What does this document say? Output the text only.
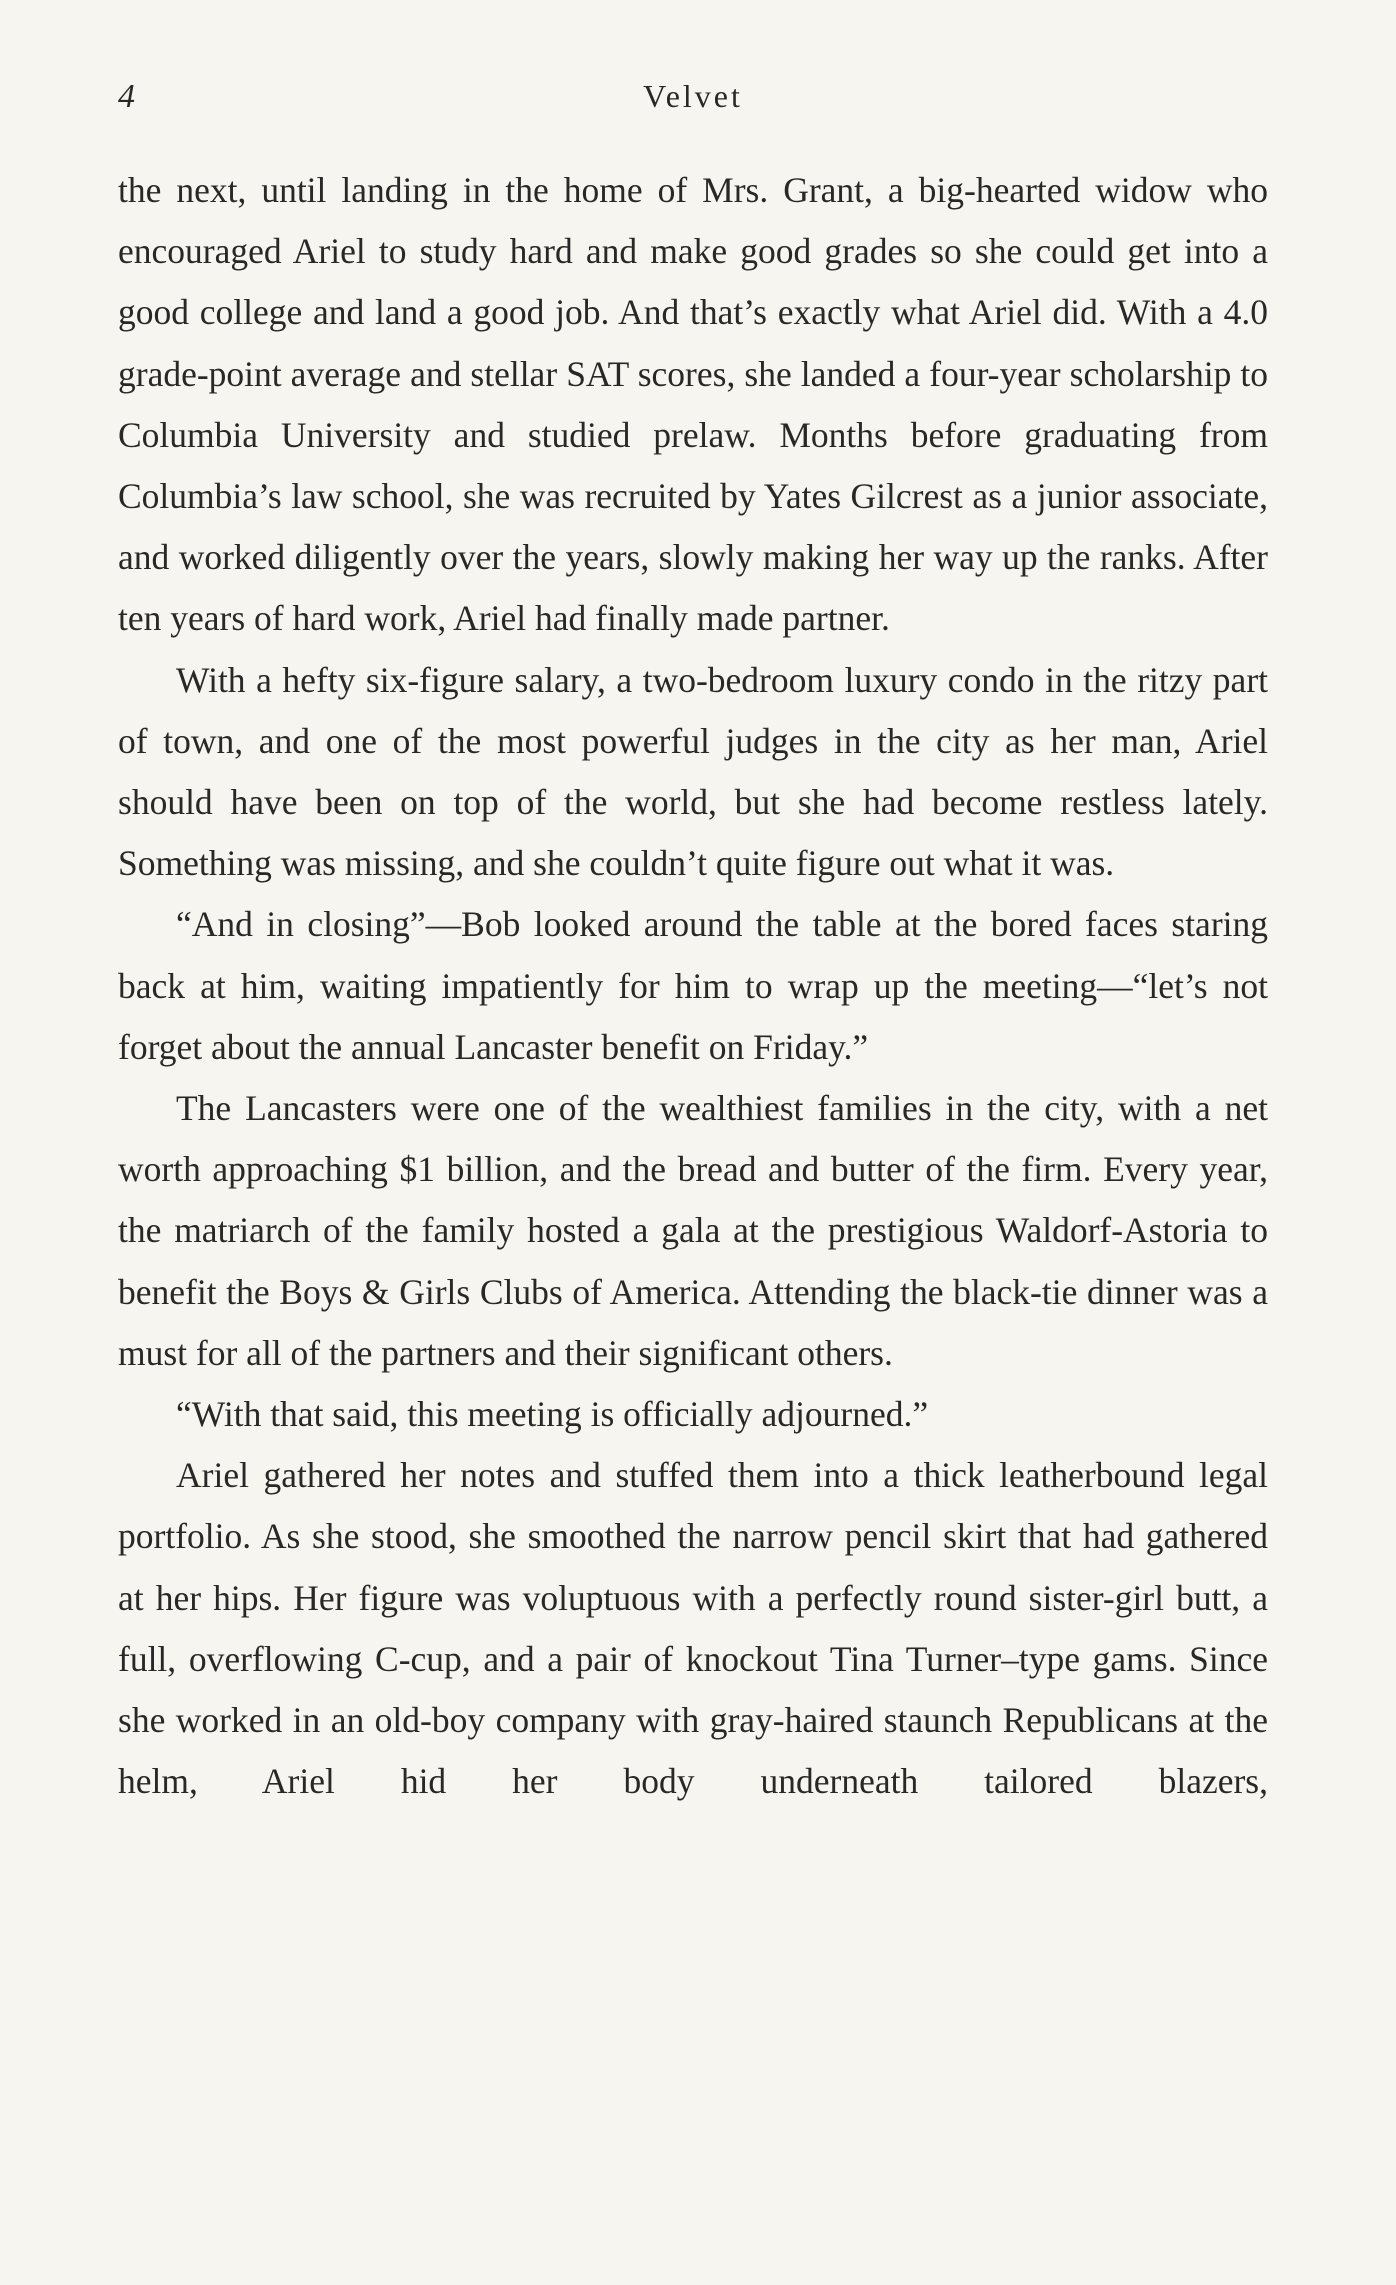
4	Velvet

the next, until landing in the home of Mrs. Grant, a big-hearted widow who encouraged Ariel to study hard and make good grades so she could get into a good college and land a good job. And that’s exactly what Ariel did. With a 4.0 grade-point average and stellar SAT scores, she landed a four-year scholarship to Columbia University and studied prelaw. Months before graduating from Columbia’s law school, she was recruited by Yates Gilcrest as a junior associate, and worked diligently over the years, slowly making her way up the ranks. After ten years of hard work, Ariel had finally made partner.

With a hefty six-figure salary, a two-bedroom luxury condo in the ritzy part of town, and one of the most powerful judges in the city as her man, Ariel should have been on top of the world, but she had become restless lately. Something was missing, and she couldn’t quite figure out what it was.

“And in closing”—Bob looked around the table at the bored faces staring back at him, waiting impatiently for him to wrap up the meeting—“let’s not forget about the annual Lancaster benefit on Friday.”

The Lancasters were one of the wealthiest families in the city, with a net worth approaching $1 billion, and the bread and butter of the firm. Every year, the matriarch of the family hosted a gala at the prestigious Waldorf-Astoria to benefit the Boys & Girls Clubs of America. Attending the black-tie dinner was a must for all of the partners and their significant others.

“With that said, this meeting is officially adjourned.”

Ariel gathered her notes and stuffed them into a thick leatherbound legal portfolio. As she stood, she smoothed the narrow pencil skirt that had gathered at her hips. Her figure was voluptuous with a perfectly round sister-girl butt, a full, overflowing C-cup, and a pair of knockout Tina Turner–type gams. Since she worked in an old-boy company with gray-haired staunch Republicans at the helm, Ariel hid her body underneath tailored blazers,
